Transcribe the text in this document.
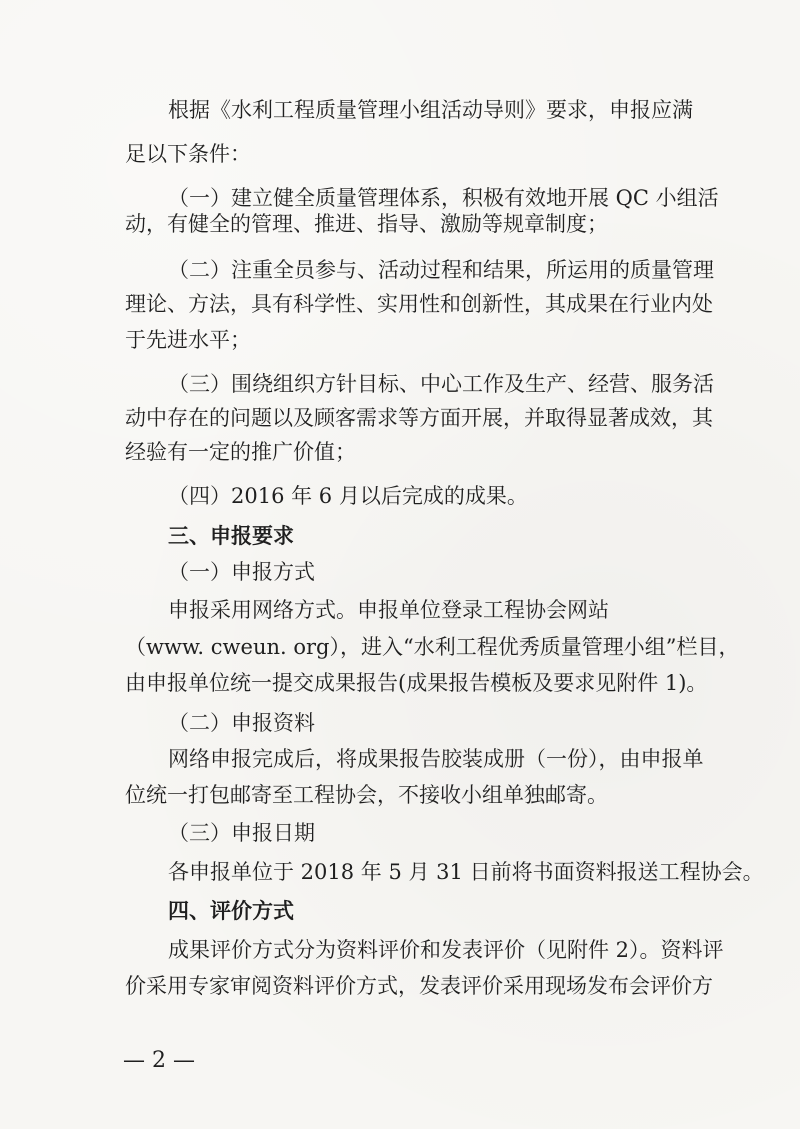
根据《水利工程质量管理小组活动导则》要求，申报应满
足以下条件：
（一）建立健全质量管理体系，积极有效地开展 QC 小组活
动，有健全的管理、推进、指导、激励等规章制度；
（二）注重全员参与、活动过程和结果，所运用的质量管理
理论、方法，具有科学性、实用性和创新性，其成果在行业内处
于先进水平；
（三）围绕组织方针目标、中心工作及生产、经营、服务活
动中存在的问题以及顾客需求等方面开展，并取得显著成效，其
经验有一定的推广价值；
（四）2016 年 6 月以后完成的成果。
三、申报要求
（一）申报方式
申报采用网络方式。申报单位登录工程协会网站
（www. cweun. org），进入“水利工程优秀质量管理小组”栏目，
由申报单位统一提交成果报告(成果报告模板及要求见附件 1)。
（二）申报资料
网络申报完成后，将成果报告胶装成册（一份），由申报单
位统一打包邮寄至工程协会，不接收小组单独邮寄。
（三）申报日期
各申报单位于 2018 年 5 月 31 日前将书面资料报送工程协会。
四、评价方式
成果评价方式分为资料评价和发表评价（见附件 2）。资料评
价采用专家审阅资料评价方式，发表评价采用现场发布会评价方
— 2 —
